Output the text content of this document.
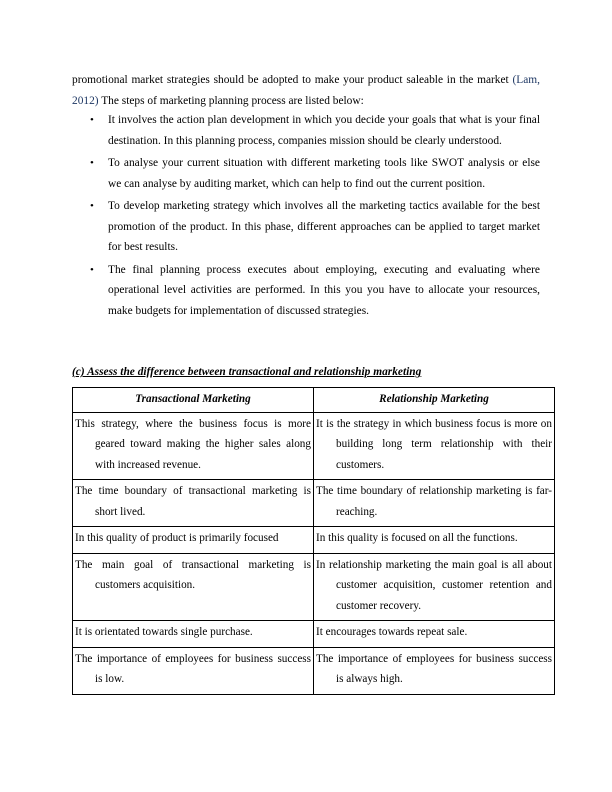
promotional market strategies should be adopted to make your product saleable in the market (Lam, 2012) The steps of marketing planning process are listed below:

• It involves the action plan development in which you decide your goals that what is your final destination. In this planning process, companies mission should be clearly understood.
• To analyse your current situation with different marketing tools like SWOT analysis or else we can analyse by auditing market, which can help to find out the current position.
• To develop marketing strategy which involves all the marketing tactics available for the best promotion of the product. In this phase, different approaches can be applied to target market for best results.
• The final planning process executes about employing, executing and evaluating where operational level activities are performed. In this you you have to allocate your resources, make budgets for implementation of discussed strategies.

(c) Assess the difference between transactional and relationship marketing

Transactional Marketing	Relationship Marketing
This strategy, where the business focus is more geared toward making the higher sales along with increased revenue.	It is the strategy in which business focus is more on building long term relationship with their customers.
The time boundary of transactional marketing is short lived.	The time boundary of relationship marketing is far-reaching.
In this quality of product is primarily focused	In this quality is focused on all the functions.
The main goal of transactional marketing is customers acquisition.	In relationship marketing the main goal is all about customer acquisition, customer retention and customer recovery.
It is orientated towards single purchase.	It encourages towards repeat sale.
The importance of employees for business success is low.	The importance of employees for business success is always high.
